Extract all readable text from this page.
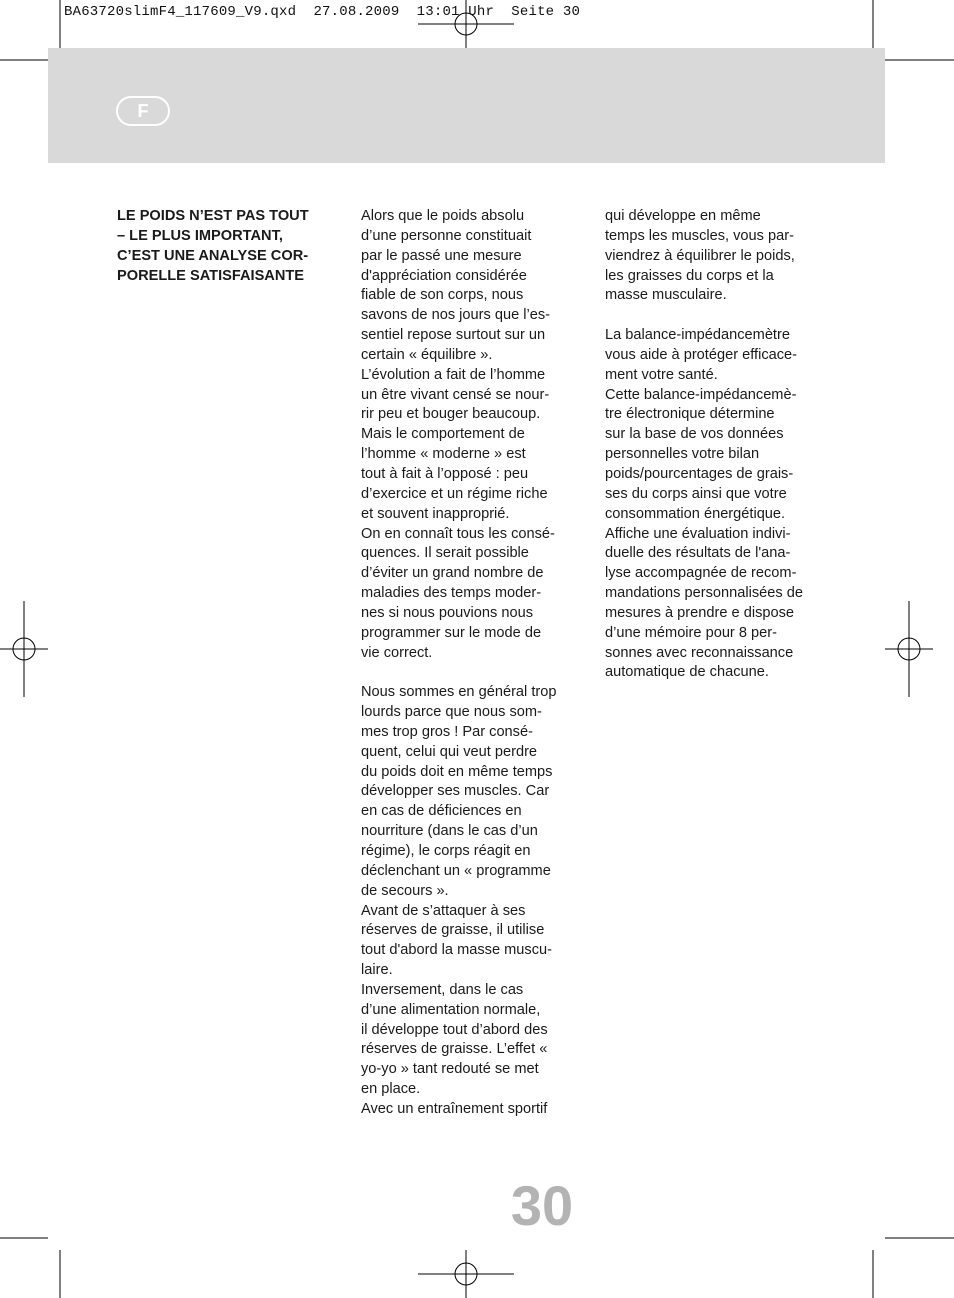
BA63720slimF4_117609_V9.qxd  27.08.2009  13:01 Uhr  Seite 30
F
LE POIDS N’EST PAS TOUT
– LE PLUS IMPORTANT,
C’EST UNE ANALYSE COR-
PORELLE SATISFAISANTE
Alors que le poids absolu
d’une personne constituait
par le passé une mesure
d'appréciation considérée
fiable de son corps, nous
savons de nos jours que l’es-
sentiel repose surtout sur un
certain « équilibre ».
L’évolution a fait de l’homme
un être vivant censé se nour-
rir peu et bouger beaucoup.
Mais le comportement de
l’homme « moderne » est
tout à fait à l’opposé : peu
d’exercice et un régime riche
et souvent inapproprié.
On en connaît tous les consé-
quences. Il serait possible
d’éviter un grand nombre de
maladies des temps moder-
nes si nous pouvions nous
programmer sur le mode de
vie correct.

Nous sommes en général trop
lourds parce que nous som-
mes trop gros ! Par consé-
quent, celui qui veut perdre
du poids doit en même temps
développer ses muscles. Car
en cas de déficiences en
nourriture (dans le cas d’un
régime), le corps réagit en
déclenchant un « programme
de secours ».
Avant de s’attaquer à ses
réserves de graisse, il utilise
tout d'abord la masse muscu-
laire.
Inversement, dans le cas
d’une alimentation normale,
il développe tout d’abord des
réserves de graisse. L’effet «
yo-yo » tant redouté se met
en place.
Avec un entraînement sportif
qui développe en même
temps les muscles, vous par-
viendrez à équilibrer le poids,
les graisses du corps et la
masse musculaire.

La balance-impédancemètre
vous aide à protéger efficace-
ment votre santé.
Cette balance-impédancemè-
tre électronique détermine
sur la base de vos données
personnelles votre bilan
poids/pourcentages de grais-
ses du corps ainsi que votre
consommation énergétique.
Affiche une évaluation indivi-
duelle des résultats de l'ana-
lyse accompagnée de recom-
mandations personnalisées de
mesures à prendre e dispose
d’une mémoire pour 8 per-
sonnes avec reconnaissance
automatique de chacune.
30
